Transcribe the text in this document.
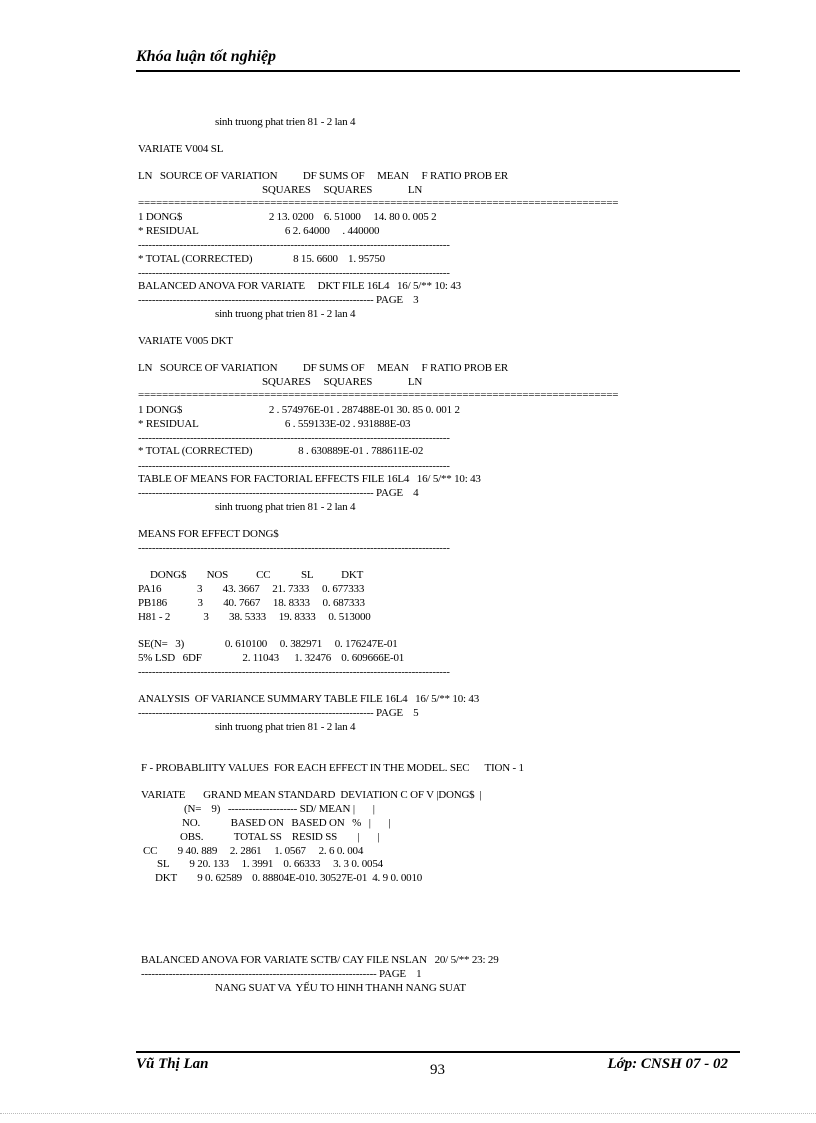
Khóa luận tốt nghiệp
sinh truong phat trien 81 - 2 lan 4
VARIATE V004 SL
LN   SOURCE OF VARIATION          DF SUMS OF     MEAN     F RATIO PROB ER
SQUARES     SQUARES              LN
================================================================================
1 DONG$                                  2 13. 0200    6. 51000     14. 80 0. 005 2
* RESIDUAL                                  6 2. 64000     . 440000
------------------------------------------------------------------------------------------
* TOTAL (CORRECTED)                8 15. 6600    1. 95750
------------------------------------------------------------------------------------------
BALANCED ANOVA FOR VARIATE     DKT FILE 16L4   16/ 5/** 10: 43
-------------------------------------------------------------------- PAGE    3
sinh truong phat trien 81 - 2 lan 4
VARIATE V005 DKT
LN   SOURCE OF VARIATION          DF SUMS OF     MEAN     F RATIO PROB ER
SQUARES     SQUARES              LN
================================================================================
1 DONG$                                  2 . 574976E-01 . 287488E-01 30. 85 0. 001 2
* RESIDUAL                                  6 . 559133E-02 . 931888E-03
------------------------------------------------------------------------------------------
* TOTAL (CORRECTED)                  8 . 630889E-01 . 788611E-02
------------------------------------------------------------------------------------------
TABLE OF MEANS FOR FACTORIAL EFFECTS FILE 16L4   16/ 5/** 10: 43
-------------------------------------------------------------------- PAGE    4
sinh truong phat trien 81 - 2 lan 4
MEANS FOR EFFECT DONG$
------------------------------------------------------------------------------------------
DONG$        NOS           CC            SL           DKT
PA16              3        43. 3667     21. 7333     0. 677333
PB186            3        40. 7667     18. 8333     0. 687333
H81 - 2             3        38. 5333     19. 8333     0. 513000
SE(N=   3)                0. 610100     0. 382971     0. 176247E-01
5% LSD   6DF                2. 11043      1. 32476    0. 609666E-01
------------------------------------------------------------------------------------------
ANALYSIS  OF VARIANCE SUMMARY TABLE FILE 16L4   16/ 5/** 10: 43
-------------------------------------------------------------------- PAGE    5
sinh truong phat trien 81 - 2 lan 4
F - PROBABLIITY VALUES  FOR EACH EFFECT IN THE MODEL. SEC      TION - 1
VARIATE       GRAND MEAN STANDARD  DEVIATION C OF V |DONG$  |
(N=    9)   -------------------- SD/ MEAN |       |
NO.            BASED ON   BASED ON   %   |       |
OBS.            TOTAL SS    RESID SS        |       |
CC        9 40. 889     2. 2861     1. 0567     2. 6 0. 004
SL        9 20. 133     1. 3991    0. 66333     3. 3 0. 0054
DKT        9 0. 62589    0. 88804E-010. 30527E-01  4. 9 0. 0010
BALANCED ANOVA FOR VARIATE SCTB/ CAY FILE NSLAN   20/ 5/** 23: 29
-------------------------------------------------------------------- PAGE    1
NANG SUAT VA  YẾU TO HINH THANH NANG SUAT
Vũ Thị Lan	93	Lớp: CNSH 07 - 02
